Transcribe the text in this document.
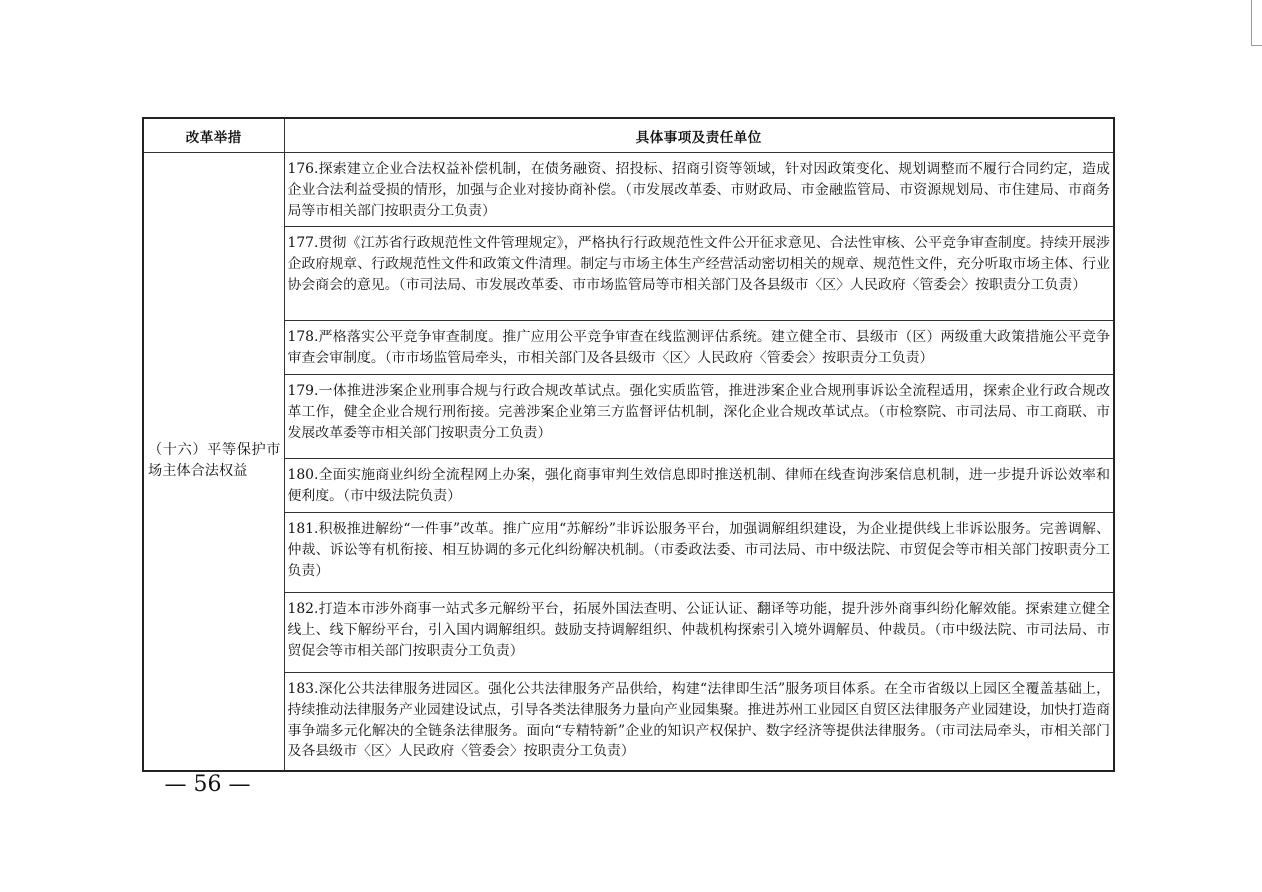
改革举措	具体事项及责任单位
（十六）平等保护市场主体合法权益	176.探索建立企业合法权益补偿机制，在债务融资、招投标、招商引资等领域，针对因政策变化、规划调整而不履行合同约定，造成企业合法利益受损的情形，加强与企业对接协商补偿。（市发展改革委、市财政局、市金融监管局、市资源规划局、市住建局、市商务局等市相关部门按职责分工负责）
	177.贯彻《江苏省行政规范性文件管理规定》，严格执行行政规范性文件公开征求意见、合法性审核、公平竞争审查制度。持续开展涉企政府规章、行政规范性文件和政策文件清理。制定与市场主体生产经营活动密切相关的规章、规范性文件，充分听取市场主体、行业协会商会的意见。（市司法局、市发展改革委、市市场监管局等市相关部门及各县级市〈区〉人民政府〈管委会〉按职责分工负责）
	178.严格落实公平竞争审查制度。推广应用公平竞争审查在线监测评估系统。建立健全市、县级市（区）两级重大政策措施公平竞争审查会审制度。（市市场监管局牵头，市相关部门及各县级市〈区〉人民政府〈管委会〉按职责分工负责）
	179.一体推进涉案企业刑事合规与行政合规改革试点。强化实质监管，推进涉案企业合规刑事诉讼全流程适用，探索企业行政合规改革工作，健全企业合规行刑衔接。完善涉案企业第三方监督评估机制，深化企业合规改革试点。（市检察院、市司法局、市工商联、市发展改革委等市相关部门按职责分工负责）
	180.全面实施商业纠纷全流程网上办案，强化商事审判生效信息即时推送机制、律师在线查询涉案信息机制，进一步提升诉讼效率和便利度。（市中级法院负责）
	181.积极推进解纷“一件事”改革。推广应用“苏解纷”非诉讼服务平台，加强调解组织建设，为企业提供线上非诉讼服务。完善调解、仲裁、诉讼等有机衔接、相互协调的多元化纠纷解决机制。（市委政法委、市司法局、市中级法院、市贸促会等市相关部门按职责分工负责）
	182.打造本市涉外商事一站式多元解纷平台，拓展外国法查明、公证认证、翻译等功能，提升涉外商事纠纷化解效能。探索建立健全线上、线下解纷平台，引入国内调解组织。鼓励支持调解组织、仲裁机构探索引入境外调解员、仲裁员。（市中级法院、市司法局、市贸促会等市相关部门按职责分工负责）
	183.深化公共法律服务进园区。强化公共法律服务产品供给，构建“法律即生活”服务项目体系。在全市省级以上园区全覆盖基础上，持续推动法律服务产业园建设试点，引导各类法律服务力量向产业园集聚。推进苏州工业园区自贸区法律服务产业园建设，加快打造商事争端多元化解决的全链条法律服务。面向“专精特新”企业的知识产权保护、数字经济等提供法律服务。（市司法局牵头，市相关部门及各县级市〈区〉人民政府〈管委会〉按职责分工负责）
— 56 —
